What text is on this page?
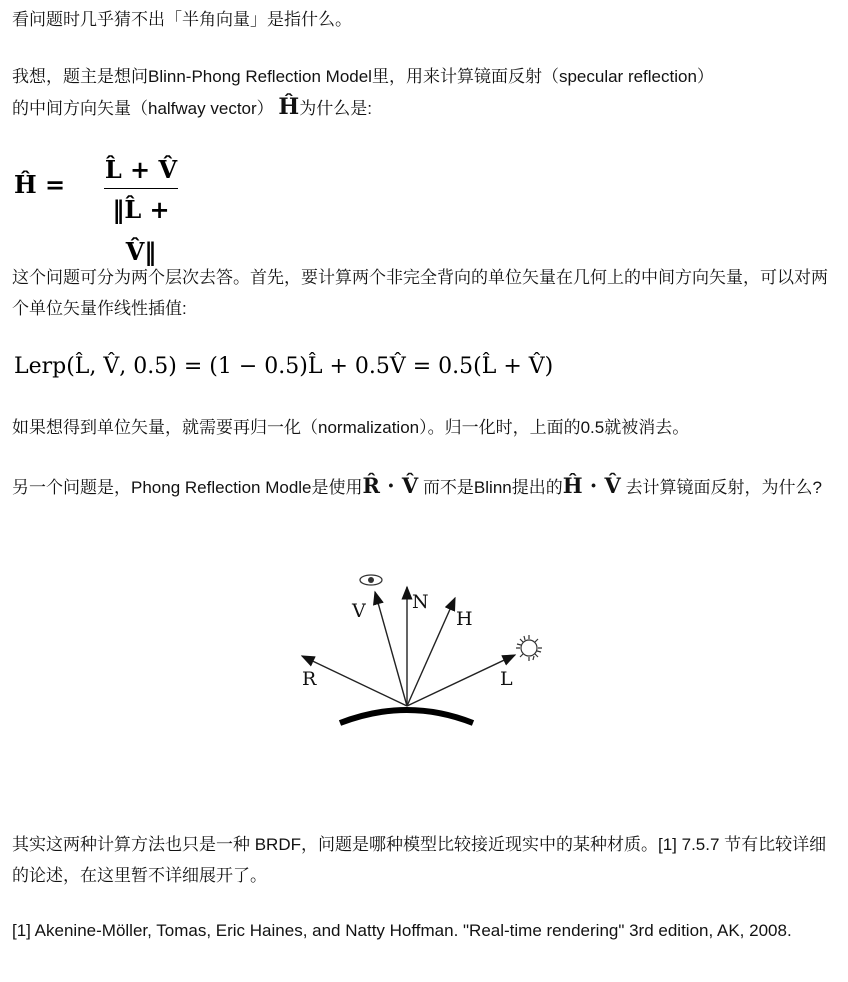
看问题时几乎猜不出「半角向量」是指什么。
我想，题主是想问Blinn-Phong Reflection Model里，用来计算镜面反射（specular reflection）
的中间方向矢量（halfway vector） Ĥ为什么是:
Ĥ =
L̂ + V̂
‖L̂ + V̂‖
这个问题可分为两个层次去答。首先，要计算两个非完全背向的单位矢量在几何上的中间方向矢量，可以对两个单位矢量作线性插值:
Lerp(L̂, V̂, 0.5) = (1 − 0.5)L̂ + 0.5V̂ = 0.5(L̂ + V̂)
如果想得到单位矢量，就需要再归一化（normalization）。归一化时，上面的0.5就被消去。
另一个问题是，Phong Reflection Modle是使用R̂ · V̂ 而不是Blinn提出的Ĥ · V̂ 去计算镜面反射，为什么?
R
V N
H
L
其实这两种计算方法也只是一种 BRDF，问题是哪种模型比较接近现实中的某种材质。[1] 7.5.7 节有比较详细的论述，在这里暂不详细展开了。
[1] Akenine-Möller, Tomas, Eric Haines, and Natty Hoffman. "Real-time rendering" 3rd edition, AK, 2008.
